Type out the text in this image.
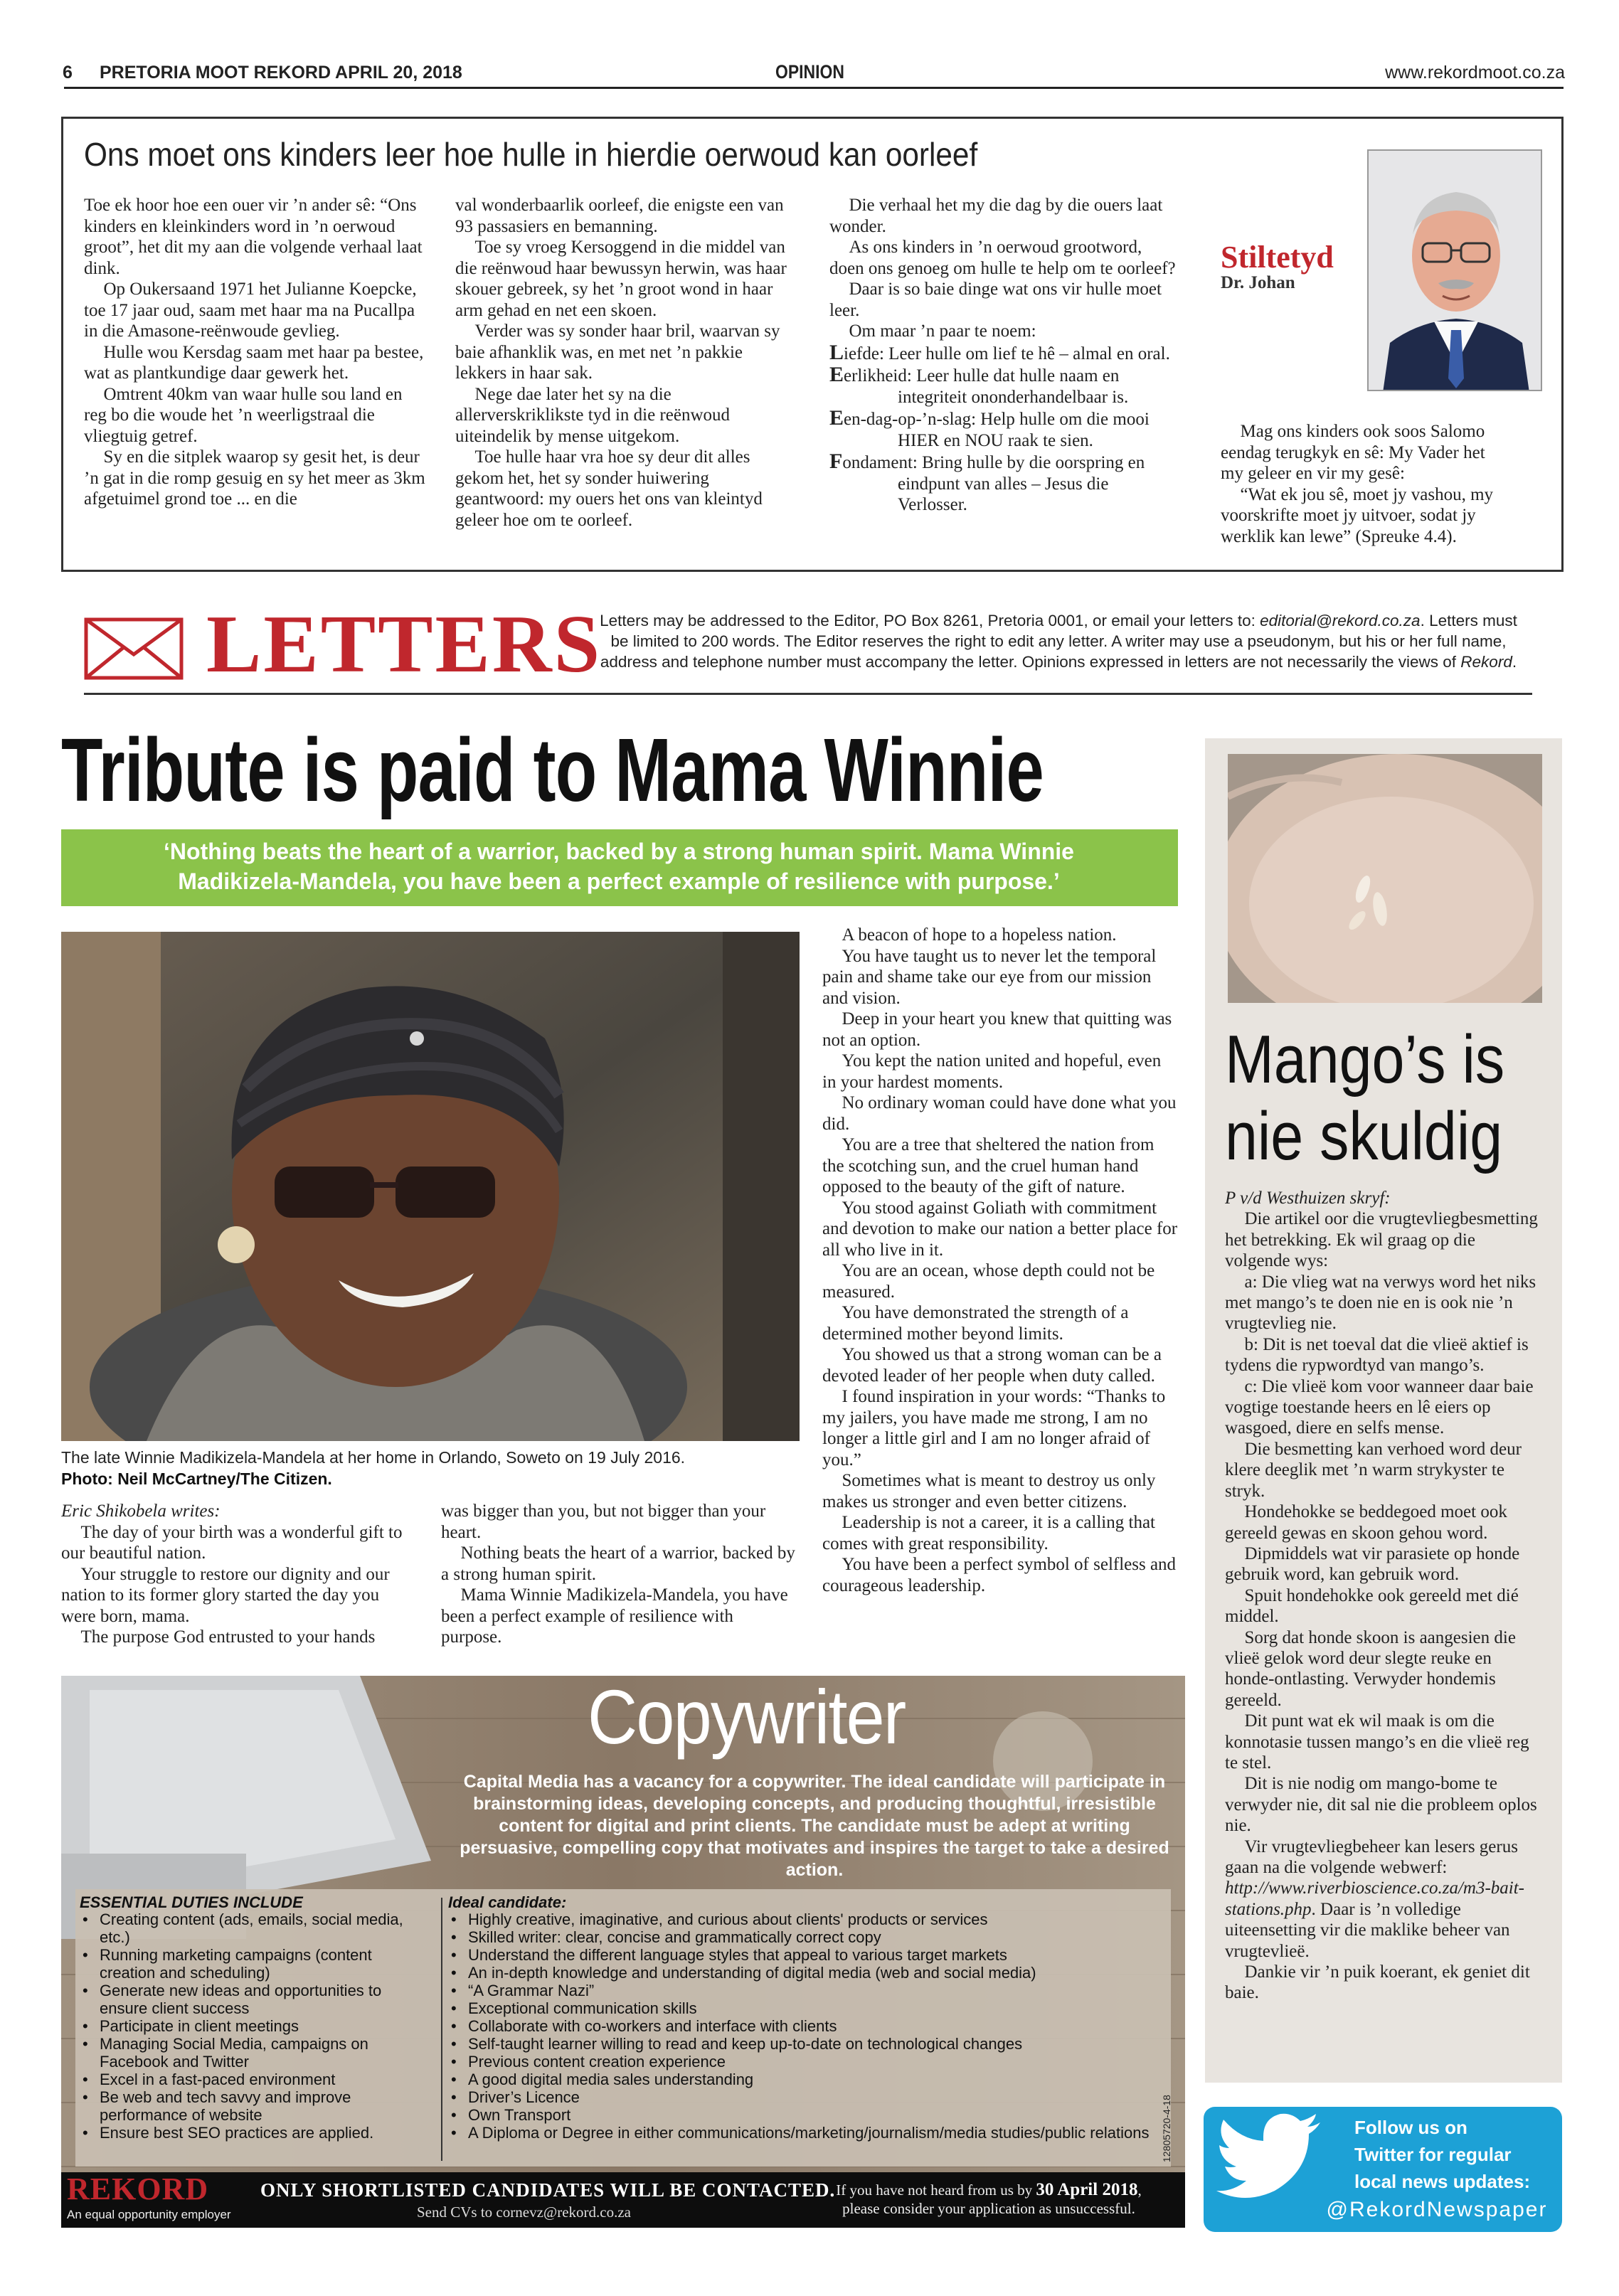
6 PRETORIA MOOT REKORD APRIL 20, 2018	OPINION	www.rekordmoot.co.za
Ons moet ons kinders leer hoe hulle in hierdie oerwoud kan oorleef

Toe ek hoor hoe een ouer vir ’n ander sê: “Ons kinders en kleinkinders word in ’n oerwoud groot”, het dit my aan die volgende verhaal laat dink.

Op Oukersaand 1971 het Julianne Koepcke, toe 17 jaar oud, saam met haar ma na Pucallpa in die Amasone-reënwoude gevlieg.

Hulle wou Kersdag saam met haar pa bestee, wat as plantkundige daar gewerk het.

Omtrent 40km van waar hulle sou land en reg bo die woude het ’n weerligstraal die vliegtuig getref.

Sy en die sitplek waarop sy gesit het, is deur ’n gat in die romp gesuig en sy het meer as 3km afgetuimel grond toe ... en die

val wonderbaarlik oorleef, die enigste een van 93 passasiers en bemanning.

Toe sy vroeg Kersoggend in die middel van die reënwoud haar bewussyn herwin, was haar skouer gebreek, sy het ’n groot wond in haar arm gehad en net een skoen.

Verder was sy sonder haar bril, waarvan sy baie afhanklik was, en met net ’n pakkie lekkers in haar sak.

Nege dae later het sy na die allerverskriklikste tyd in die reënwoud uiteindelik by mense uitgekom.

Toe hulle haar vra hoe sy deur dit alles gekom het, het sy sonder huiwering geantwoord: my ouers het ons van kleintyd geleer hoe om te oorleef.

Die verhaal het my die dag by die ouers laat wonder.

As ons kinders in ’n oerwoud grootword, doen ons genoeg om hulle te help om te oorleef?

Daar is so baie dinge wat ons vir hulle moet leer.

Om maar ’n paar te noem:

Liefde: Leer hulle om lief te hê – almal en oral.

Eerlikheid: Leer hulle dat hulle naam en integriteit ononderhandelbaar is.

Een-dag-op-’n-slag: Help hulle om die mooi HIER en NOU raak te sien.

Fondament: Bring hulle by die oorspring en eindpunt van alles – Jesus die Verlosser.

Stiltetyd
Dr. Johan

Mag ons kinders ook soos Salomo eendag terugkyk en sê: My Vader het my geleer en vir my gesê:

“Wat ek jou sê, moet jy vashou, my voorskrifte moet jy uitvoer, sodat jy werklik kan lewe” (Spreuke 4.4).

LETTERS
Letters may be addressed to the Editor, PO Box 8261, Pretoria 0001, or email your letters to: editorial@rekord.co.za. Letters must be limited to 200 words. The Editor reserves the right to edit any letter. A writer may use a pseudonym, but his or her full name, address and telephone number must accompany the letter. Opinions expressed in letters are not necessarily the views of Rekord.
Tribute is paid to Mama Winnie
‘Nothing beats the heart of a warrior, backed by a strong human spirit. Mama Winnie Madikizela-Mandela, you have been a perfect example of resilience with purpose.’
The late Winnie Madikizela-Mandela at her home in Orlando, Soweto on 19 July 2016.
Photo: Neil McCartney/The Citizen.

Eric Shikobela writes:

The day of your birth was a wonderful gift to our beautiful nation.

Your struggle to restore our dignity and our nation to its former glory started the day you were born, mama.

The purpose God entrusted to your hands

was bigger than you, but not bigger than your heart.

Nothing beats the heart of a warrior, backed by a strong human spirit.

Mama Winnie Madikizela-Mandela, you have been a perfect example of resilience with purpose.

A beacon of hope to a hopeless nation.

You have taught us to never let the temporal pain and shame take our eye from our mission and vision.

Deep in your heart you knew that quitting was not an option.

You kept the nation united and hopeful, even in your hardest moments.

No ordinary woman could have done what you did.

You are a tree that sheltered the nation from the scotching sun, and the cruel human hand opposed to the beauty of the gift of nature.

You stood against Goliath with commitment and devotion to make our nation a better place for all who live in it.

You are an ocean, whose depth could not be measured.

You have demonstrated the strength of a determined mother beyond limits.

You showed us that a strong woman can be a devoted leader of her people when duty called.

I found inspiration in your words: “Thanks to my jailers, you have made me strong, I am no longer a little girl and I am no longer afraid of you.”

Sometimes what is meant to destroy us only makes us stronger and even better citizens.

Leadership is not a career, it is a calling that comes with great responsibility.

You have been a perfect symbol of selfless and courageous leadership.

Mango’s is nie skuldig

P v/d Westhuizen skryf:

Die artikel oor die vrugtevliegbesmetting het betrekking. Ek wil graag op die volgende wys:

a: Die vlieg wat na verwys word het niks met mango’s te doen nie en is ook nie ’n vrugtevlieg nie.

b: Dit is net toeval dat die vlieë aktief is tydens die rypwordtyd van mango’s.

c: Die vlieë kom voor wanneer daar baie vogtige toestande heers en lê eiers op wasgoed, diere en selfs mense.

Die besmetting kan verhoed word deur klere deeglik met ’n warm strykyster te stryk.

Hondehokke se beddegoed moet ook gereeld gewas en skoon gehou word.

Dipmiddels wat vir parasiete op honde gebruik word, kan gebruik word.

Spuit hondehokke ook gereeld met dié middel.

Sorg dat honde skoon is aangesien die vlieë gelok word deur slegte reuke en honde-ontlasting. Verwyder hondemis gereeld.

Dit punt wat ek wil maak is om die konnotasie tussen mango’s en die vlieë reg te stel.

Dit is nie nodig om mango-bome te verwyder nie, dit sal nie die probleem oplos nie.

Vir vrugtevliegbeheer kan lesers gerus gaan na die volgende webwerf: http://www.riverbioscience.co.za/m3-bait-stations.php. Daar is ’n volledige uiteensetting vir die maklike beheer van vrugtevlieë.

Dankie vir ’n puik koerant, ek geniet dit baie.

Follow us on
Twitter for regular
local news updates:
@RekordNewspaper
Copywriter
Capital Media has a vacancy for a copywriter. The ideal candidate will participate in brainstorming ideas, developing concepts, and producing thoughtful, irresistible content for digital and print clients. The candidate must be adept at writing persuasive, compelling copy that motivates and inspires the target to take a desired action.
ESSENTIAL DUTIES INCLUDE
• Creating content (ads, emails, social media, etc.)
• Running marketing campaigns (content creation and scheduling)
• Generate new ideas and opportunities to ensure client success
• Participate in client meetings
• Managing Social Media, campaigns on Facebook and Twitter
• Excel in a fast-paced environment
• Be web and tech savvy and improve performance of website
• Ensure best SEO practices are applied.
Ideal candidate:
• Highly creative, imaginative, and curious about clients' products or services
• Skilled writer: clear, concise and grammatically correct copy
• Understand the different language styles that appeal to various target markets
• An in-depth knowledge and understanding of digital media (web and social media)
• “A Grammar Nazi”
• Exceptional communication skills
• Collaborate with co-workers and interface with clients
• Self-taught learner willing to read and keep up-to-date on technological changes
• Previous content creation experience
• A good digital media sales understanding
• Driver’s Licence
• Own Transport
• A Diploma or Degree in either communications/marketing/journalism/media studies/public relations	12805720-4-18
REKORD
An equal opportunity employer
ONLY SHORTLISTED CANDIDATES WILL BE CONTACTED.
Send CVs to cornevz@rekord.co.za
If you have not heard from us by 30 April 2018,
please consider your application as unsuccessful.
